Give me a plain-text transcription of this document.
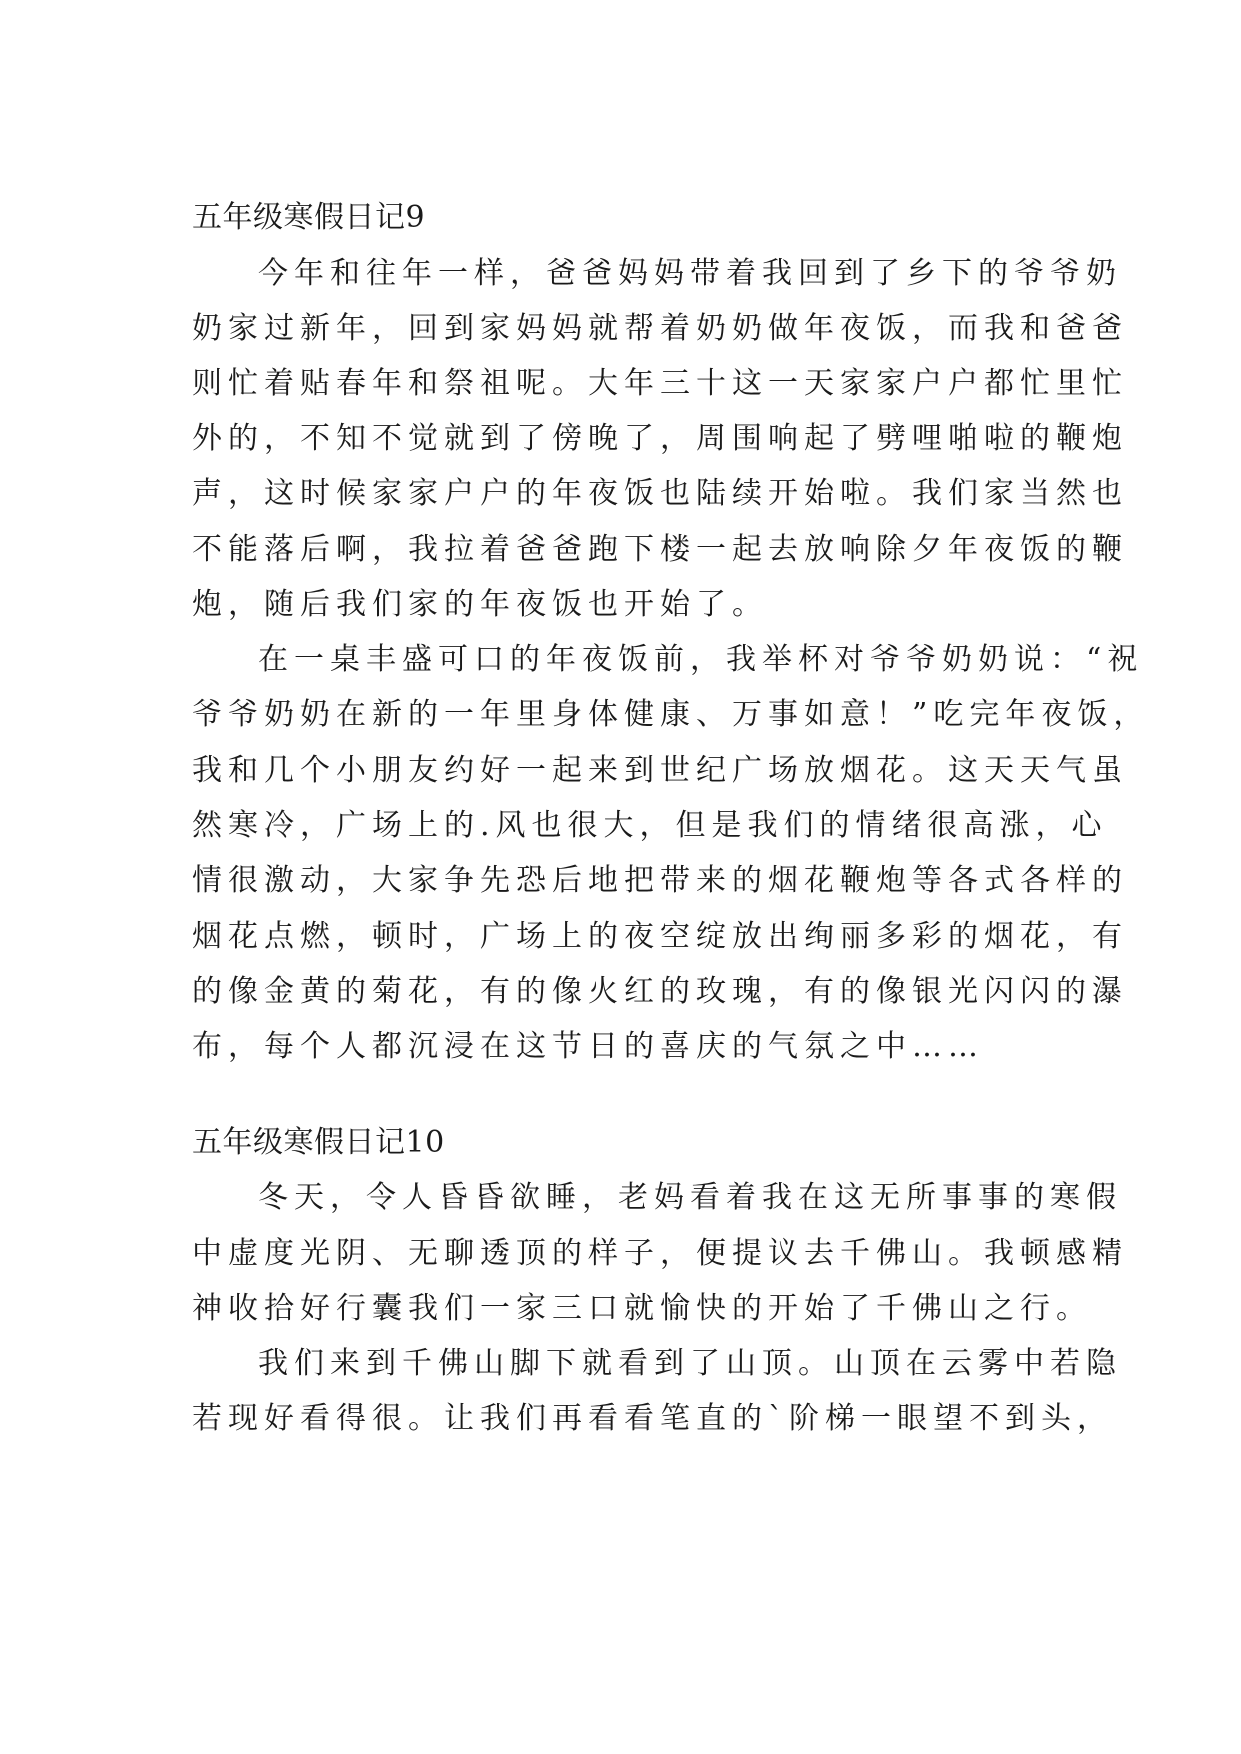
五年级寒假日记9
今年和往年一样，爸爸妈妈带着我回到了乡下的爷爷奶
奶家过新年，回到家妈妈就帮着奶奶做年夜饭，而我和爸爸
则忙着贴春年和祭祖呢。大年三十这一天家家户户都忙里忙
外的，不知不觉就到了傍晚了，周围响起了劈哩啪啦的鞭炮
声，这时候家家户户的年夜饭也陆续开始啦。我们家当然也
不能落后啊，我拉着爸爸跑下楼一起去放响除夕年夜饭的鞭
炮，随后我们家的年夜饭也开始了。
在一桌丰盛可口的年夜饭前，我举杯对爷爷奶奶说：“祝
爷爷奶奶在新的一年里身体健康、万事如意！”吃完年夜饭，
我和几个小朋友约好一起来到世纪广场放烟花。这天天气虽
然寒冷，广场上的.风也很大，但是我们的情绪很高涨，心
情很激动，大家争先恐后地把带来的烟花鞭炮等各式各样的
烟花点燃，顿时，广场上的夜空绽放出绚丽多彩的烟花，有
的像金黄的菊花，有的像火红的玫瑰，有的像银光闪闪的瀑
布，每个人都沉浸在这节日的喜庆的气氛之中……
五年级寒假日记10
冬天，令人昏昏欲睡，老妈看着我在这无所事事的寒假
中虚度光阴、无聊透顶的样子，便提议去千佛山。我顿感精
神收拾好行囊我们一家三口就愉快的开始了千佛山之行。
我们来到千佛山脚下就看到了山顶。山顶在云雾中若隐
若现好看得很。让我们再看看笔直的`阶梯一眼望不到头，
